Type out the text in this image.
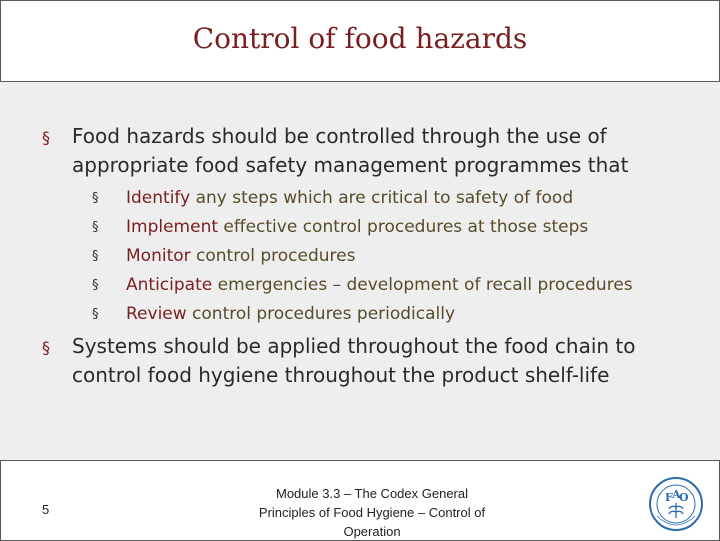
Control of food hazards
§ Food hazards should be controlled through the use of appropriate food safety management programmes that
§ Identify any steps which are critical to safety of food
§ Implement effective control procedures at those steps
§ Monitor control procedures
§ Anticipate emergencies – development of recall procedures
§ Review control procedures periodically
§ Systems should be applied throughout the food chain to control food hygiene throughout the product shelf-life
5
Module 3.3 – The Codex General Principles of Food Hygiene – Control of Operation
F A
O
